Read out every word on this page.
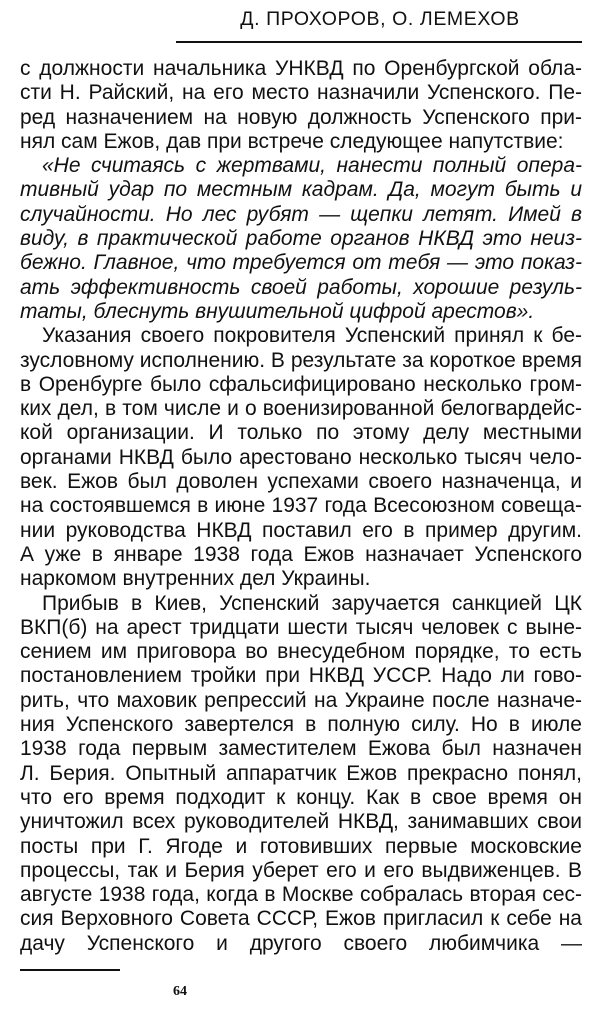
Д. ПРОХОРОВ, О. ЛЕМЕХОВ
с должности начальника УНКВД по Оренбургской обла-
сти Н. Райский, на его место назначили Успенского. Пе-
ред назначением на новую должность Успенского при-
нял сам Ежов, дав при встрече следующее напутствие:
«Не считаясь с жертвами, нанести полный опера-
тивный удар по местным кадрам. Да, могут быть и
случайности. Но лес рубят — щепки летят. Имей в
виду, в практической работе органов НКВД это неиз-
бежно. Главное, что требуется от тебя — это показ-
ать эффективность своей работы, хорошие резуль-
таты, блеснуть внушительной цифрой арестов».
Указания своего покровителя Успенский принял к бе-
зусловному исполнению. В результате за короткое время
в Оренбурге было сфальсифицировано несколько гром-
ких дел, в том числе и о военизированной белогвардейс-
кой организации. И только по этому делу местными
органами НКВД было арестовано несколько тысяч чело-
век. Ежов был доволен успехами своего назначенца, и
на состоявшемся в июне 1937 года Всесоюзном совеща-
нии руководства НКВД поставил его в пример другим.
А уже в январе 1938 года Ежов назначает Успенского
наркомом внутренних дел Украины.
Прибыв в Киев, Успенский заручается санкцией ЦК
ВКП(б) на арест тридцати шести тысяч человек с выне-
сением им приговора во внесудебном порядке, то есть
постановлением тройки при НКВД УССР. Надо ли гово-
рить, что маховик репрессий на Украине после назначе-
ния Успенского завертелся в полную силу. Но в июле
1938 года первым заместителем Ежова был назначен
Л. Берия. Опытный аппаратчик Ежов прекрасно понял,
что его время подходит к концу. Как в свое время он
уничтожил всех руководителей НКВД, занимавших свои
посты при Г. Ягоде и готовивших первые московские
процессы, так и Берия уберет его и его выдвиженцев. В
августе 1938 года, когда в Москве собралась вторая сес-
сия Верховного Совета СССР, Ежов пригласил к себе на
дачу Успенского и другого своего любимчика —
64
